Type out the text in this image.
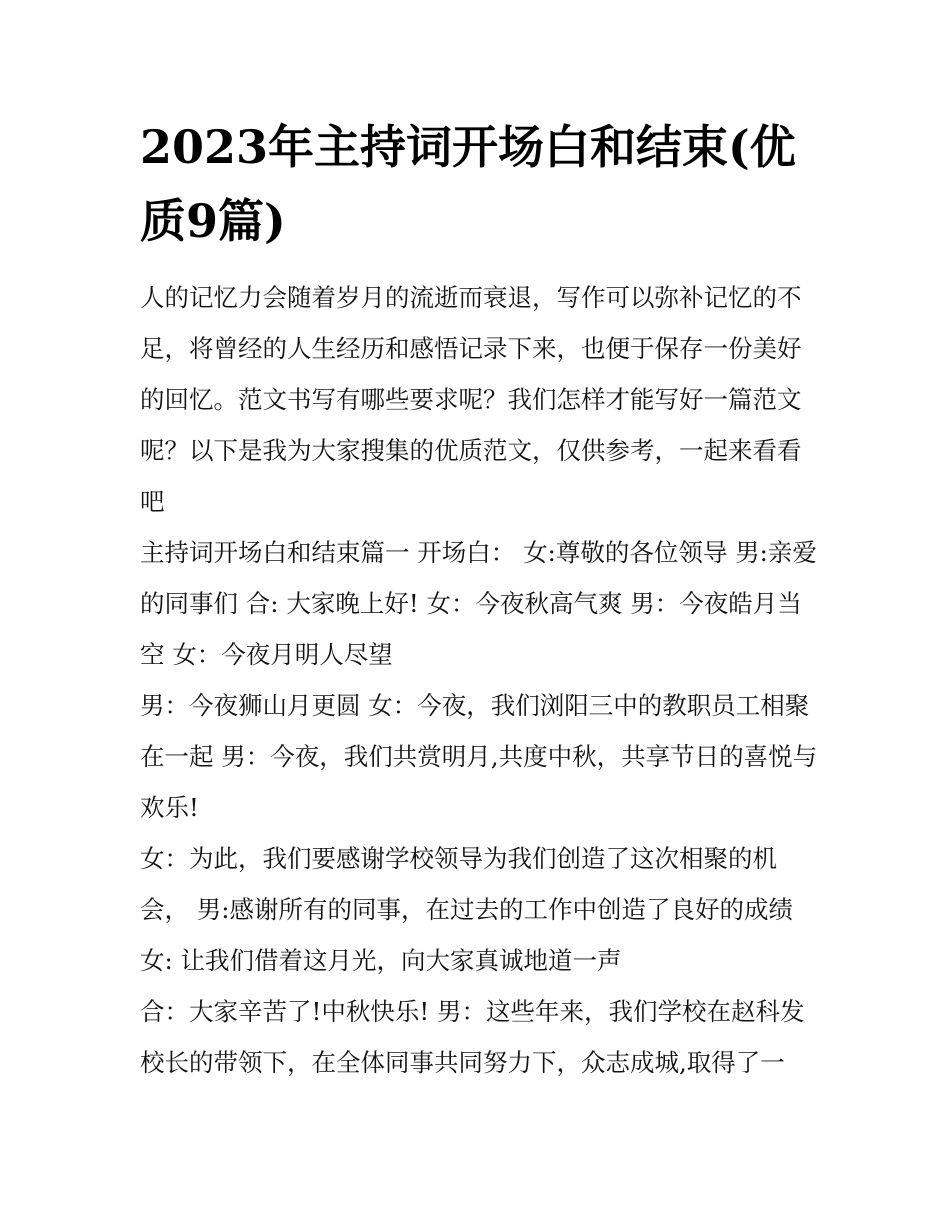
2023年主持词开场白和结束(优质9篇)

人的记忆力会随着岁月的流逝而衰退，写作可以弥补记忆的不足，将曾经的人生经历和感悟记录下来，也便于保存一份美好的回忆。范文书写有哪些要求呢？我们怎样才能写好一篇范文呢？以下是我为大家搜集的优质范文，仅供参考，一起来看看吧

主持词开场白和结束篇一 开场白： 女:尊敬的各位领导 男:亲爱的同事们 合: 大家晚上好! 女：今夜秋高气爽 男：今夜皓月当空 女：今夜月明人尽望

男：今夜狮山月更圆 女：今夜，我们浏阳三中的教职员工相聚在一起 男：今夜，我们共赏明月,共度中秋，共享节日的喜悦与欢乐!

女：为此，我们要感谢学校领导为我们创造了这次相聚的机会， 男:感谢所有的同事，在过去的工作中创造了良好的成绩 女: 让我们借着这月光，向大家真诚地道一声

合：大家辛苦了!中秋快乐! 男：这些年来，我们学校在赵科发校长的带领下，在全体同事共同努力下，众志成城,取得了一
